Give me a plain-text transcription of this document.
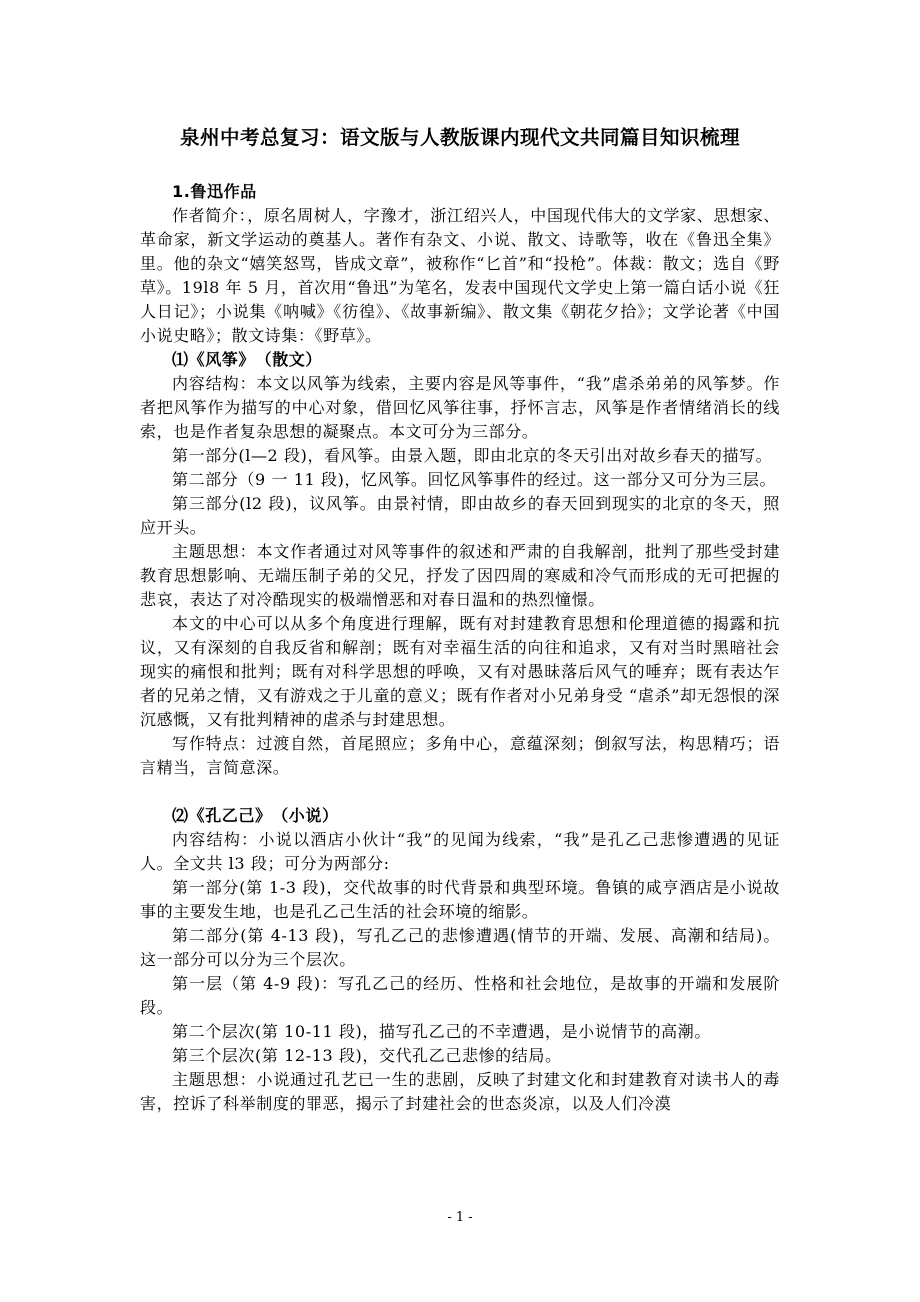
泉州中考总复习：语文版与人教版课内现代文共同篇目知识梳理

1.鲁迅作品

作者简介：，原名周树人，字豫才，浙江绍兴人，中国现代伟大的文学家、思想家、革命家，新文学运动的奠基人。著作有杂文、小说、散文、诗歌等，收在《鲁迅全集》里。他的杂文“嬉笑怒骂，皆成文章”，被称作“匕首”和“投枪”。体裁：散文；选自《野草》。19l8 年 5 月，首次用“鲁迅”为笔名，发表中国现代文学史上第一篇白话小说《狂人日记》；小说集《呐喊》《彷徨》、《故事新编》、散文集《朝花夕拾》；文学论著《中国小说史略》；散文诗集：《野草》。

⑴《风筝》　（散文）

内容结构：本文以风筝为线索，主要内容是风等事件，“我”虐杀弟弟的风筝梦。作者把风筝作为描写的中心对象，借回忆风筝往事，抒怀言志，风筝是作者情绪消长的线索，也是作者复杂思想的凝聚点。本文可分为三部分。

第一部分(l—2 段)，看风筝。由景入题，即由北京的冬天引出对故乡春天的描写。

第二部分（9 一 11 段)，忆风筝。回忆风筝事件的经过。这一部分又可分为三层。

第三部分(l2 段)，议风筝。由景衬情，即由故乡的春天回到现实的北京的冬天，照应开头。

主题思想：本文作者通过对风等事件的叙述和严肃的自我解剖，批判了那些受封建教育思想影响、无端压制子弟的父兄，抒发了因四周的寒威和冷气而形成的无可把握的悲哀，表达了对冷酷现实的极端憎恶和对春日温和的热烈憧憬。

本文的中心可以从多个角度进行理解，既有对封建教育思想和伦理道德的揭露和抗议，又有深刻的自我反省和解剖；既有对幸福生活的向往和追求，又有对当时黑暗社会现实的痛恨和批判；既有对科学思想的呼唤，又有对愚昧落后风气的唾弃；既有表达乍者的兄弟之情，又有游戏之于儿童的意义；既有作者对小兄弟身受 “虐杀”却无怨恨的深沉感慨，又有批判精神的虐杀与封建思想。

写作特点：过渡自然，首尾照应；多角中心，意蕴深刻；倒叙写法，构思精巧；语言精当，言简意深。

⑵《孔乙己》　（小说）

内容结构：小说以酒店小伙计“我”的见闻为线索，“我”是孔乙己悲惨遭遇的见证人。全文共 l3 段；可分为两部分:

第一部分(第 1-3 段)，交代故事的时代背景和典型环境。鲁镇的咸亨酒店是小说故事的主要发生地，也是孔乙己生活的社会环境的缩影。

第二部分(第 4-13 段)，写孔乙己的悲惨遭遇(情节的开端、发展、高潮和结局)。这一部分可以分为三个层次。

第一层（第 4-9 段)：写孔乙己的经历、性格和社会地位，是故事的开端和发展阶段。

第二个层次(第 10-11 段)，描写孔乙己的不幸遭遇，是小说情节的高潮。

第三个层次(第 12-13 段)，交代孔乙己悲惨的结局。

主题思想：小说通过孔艺已一生的悲剧，反映了封建文化和封建教育对读书人的毒害，控诉了科举制度的罪恶，揭示了封建社会的世态炎凉，以及人们冷漠

- 1 -
